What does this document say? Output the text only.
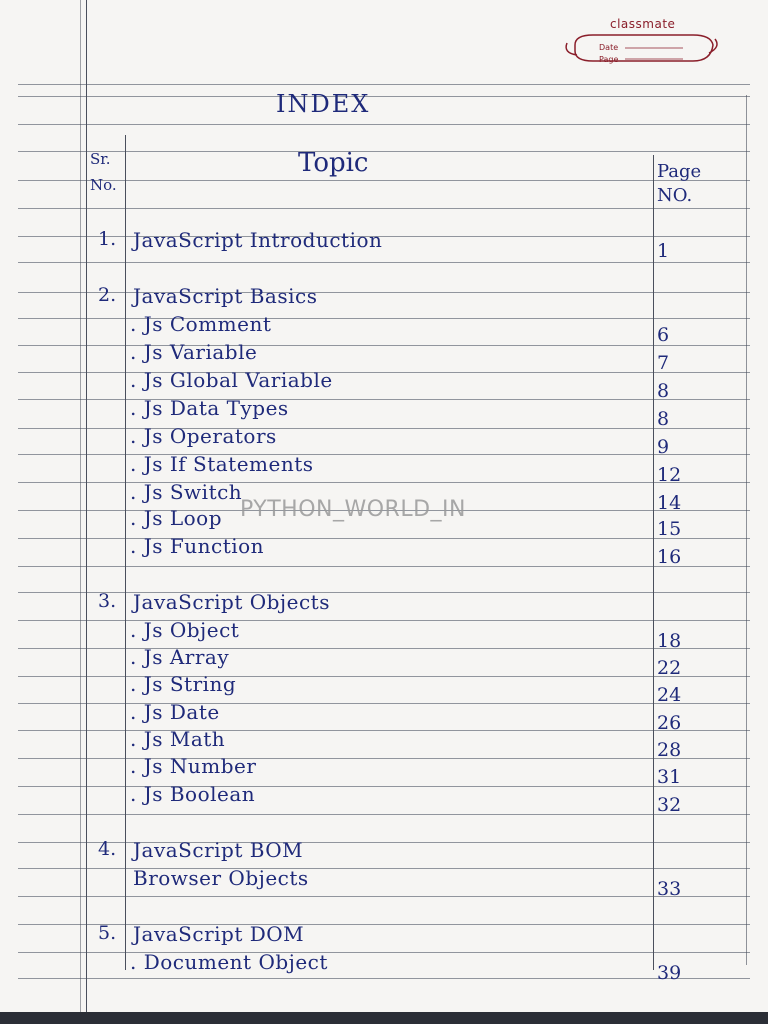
classmate
Date
Page
INDEX
Sr. No.
Topic	Page NO.
1. JavaScript Introduction	1
2. JavaScript Basics
. Js Comment	6
. Js Variable	7
. Js Global Variable	8
. Js Data Types	8
. Js Operators	9
. Js If Statements	12
. Js Switch	14
. Js Loop	15
. Js Function	16
3. JavaScript Objects
. Js Object	18
. Js Array	22
. Js String	24
. Js Date	26
. Js Math	28
. Js Number	31
. Js Boolean	32
4. JavaScript BOM
Browser Objects	33
5. JavaScript DOM
. Document Object	39
PYTHON_WORLD_IN
